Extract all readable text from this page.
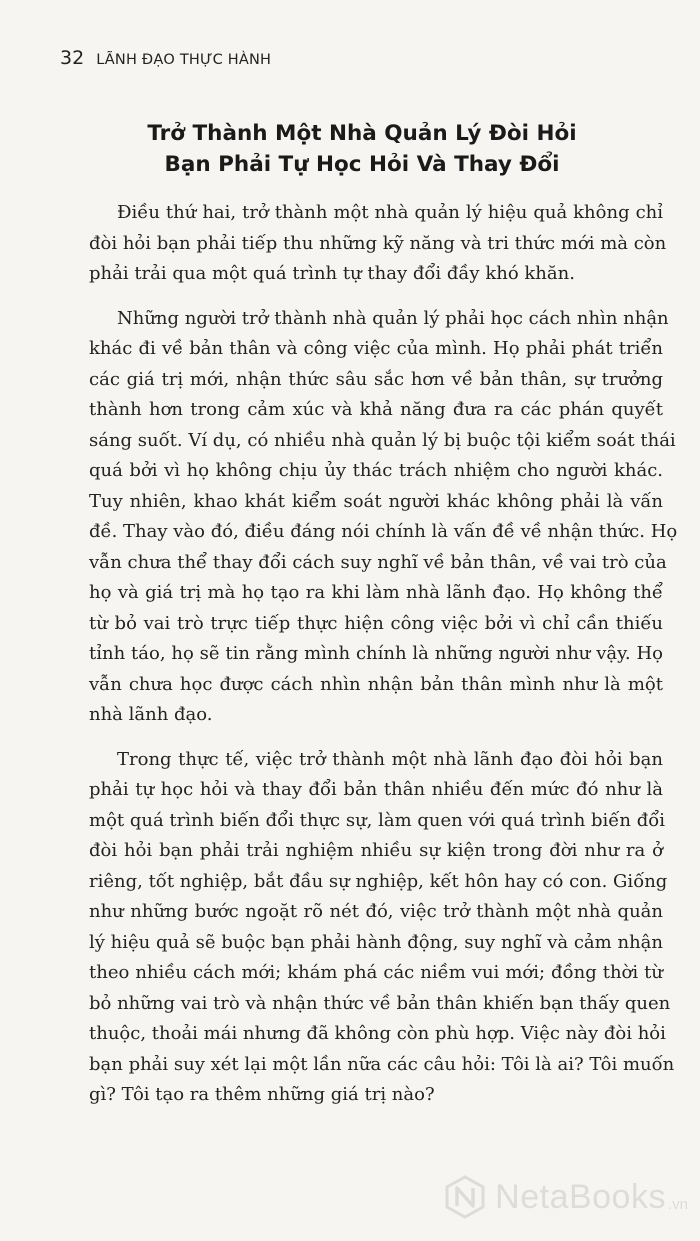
32 LÃNH ĐẠO THỰC HÀNH
Trở Thành Một Nhà Quản Lý Đòi Hỏi
Bạn Phải Tự Học Hỏi Và Thay Đổi

Điều thứ hai, trở thành một nhà quản lý hiệu quả không chỉ
đòi hỏi bạn phải tiếp thu những kỹ năng và tri thức mới mà còn
phải trải qua một quá trình tự thay đổi đầy khó khăn.

Những người trở thành nhà quản lý phải học cách nhìn nhận
khác đi về bản thân và công việc của mình. Họ phải phát triển
các giá trị mới, nhận thức sâu sắc hơn về bản thân, sự trưởng
thành hơn trong cảm xúc và khả năng đưa ra các phán quyết
sáng suốt. Ví dụ, có nhiều nhà quản lý bị buộc tội kiểm soát thái
quá bởi vì họ không chịu ủy thác trách nhiệm cho người khác.
Tuy nhiên, khao khát kiểm soát người khác không phải là vấn
đề. Thay vào đó, điều đáng nói chính là vấn đề về nhận thức. Họ
vẫn chưa thể thay đổi cách suy nghĩ về bản thân, về vai trò của
họ và giá trị mà họ tạo ra khi làm nhà lãnh đạo. Họ không thể
từ bỏ vai trò trực tiếp thực hiện công việc bởi vì chỉ cần thiếu
tỉnh táo, họ sẽ tin rằng mình chính là những người như vậy. Họ
vẫn chưa học được cách nhìn nhận bản thân mình như là một
nhà lãnh đạo.

Trong thực tế, việc trở thành một nhà lãnh đạo đòi hỏi bạn
phải tự học hỏi và thay đổi bản thân nhiều đến mức đó như là
một quá trình biến đổi thực sự, làm quen với quá trình biến đổi
đòi hỏi bạn phải trải nghiệm nhiều sự kiện trong đời như ra ở
riêng, tốt nghiệp, bắt đầu sự nghiệp, kết hôn hay có con. Giống
như những bước ngoặt rõ nét đó, việc trở thành một nhà quản
lý hiệu quả sẽ buộc bạn phải hành động, suy nghĩ và cảm nhận
theo nhiều cách mới; khám phá các niềm vui mới; đồng thời từ
bỏ những vai trò và nhận thức về bản thân khiến bạn thấy quen
thuộc, thoải mái nhưng đã không còn phù hợp. Việc này đòi hỏi
bạn phải suy xét lại một lần nữa các câu hỏi: Tôi là ai? Tôi muốn
gì? Tôi tạo ra thêm những giá trị nào?

NetaBooks .vn
